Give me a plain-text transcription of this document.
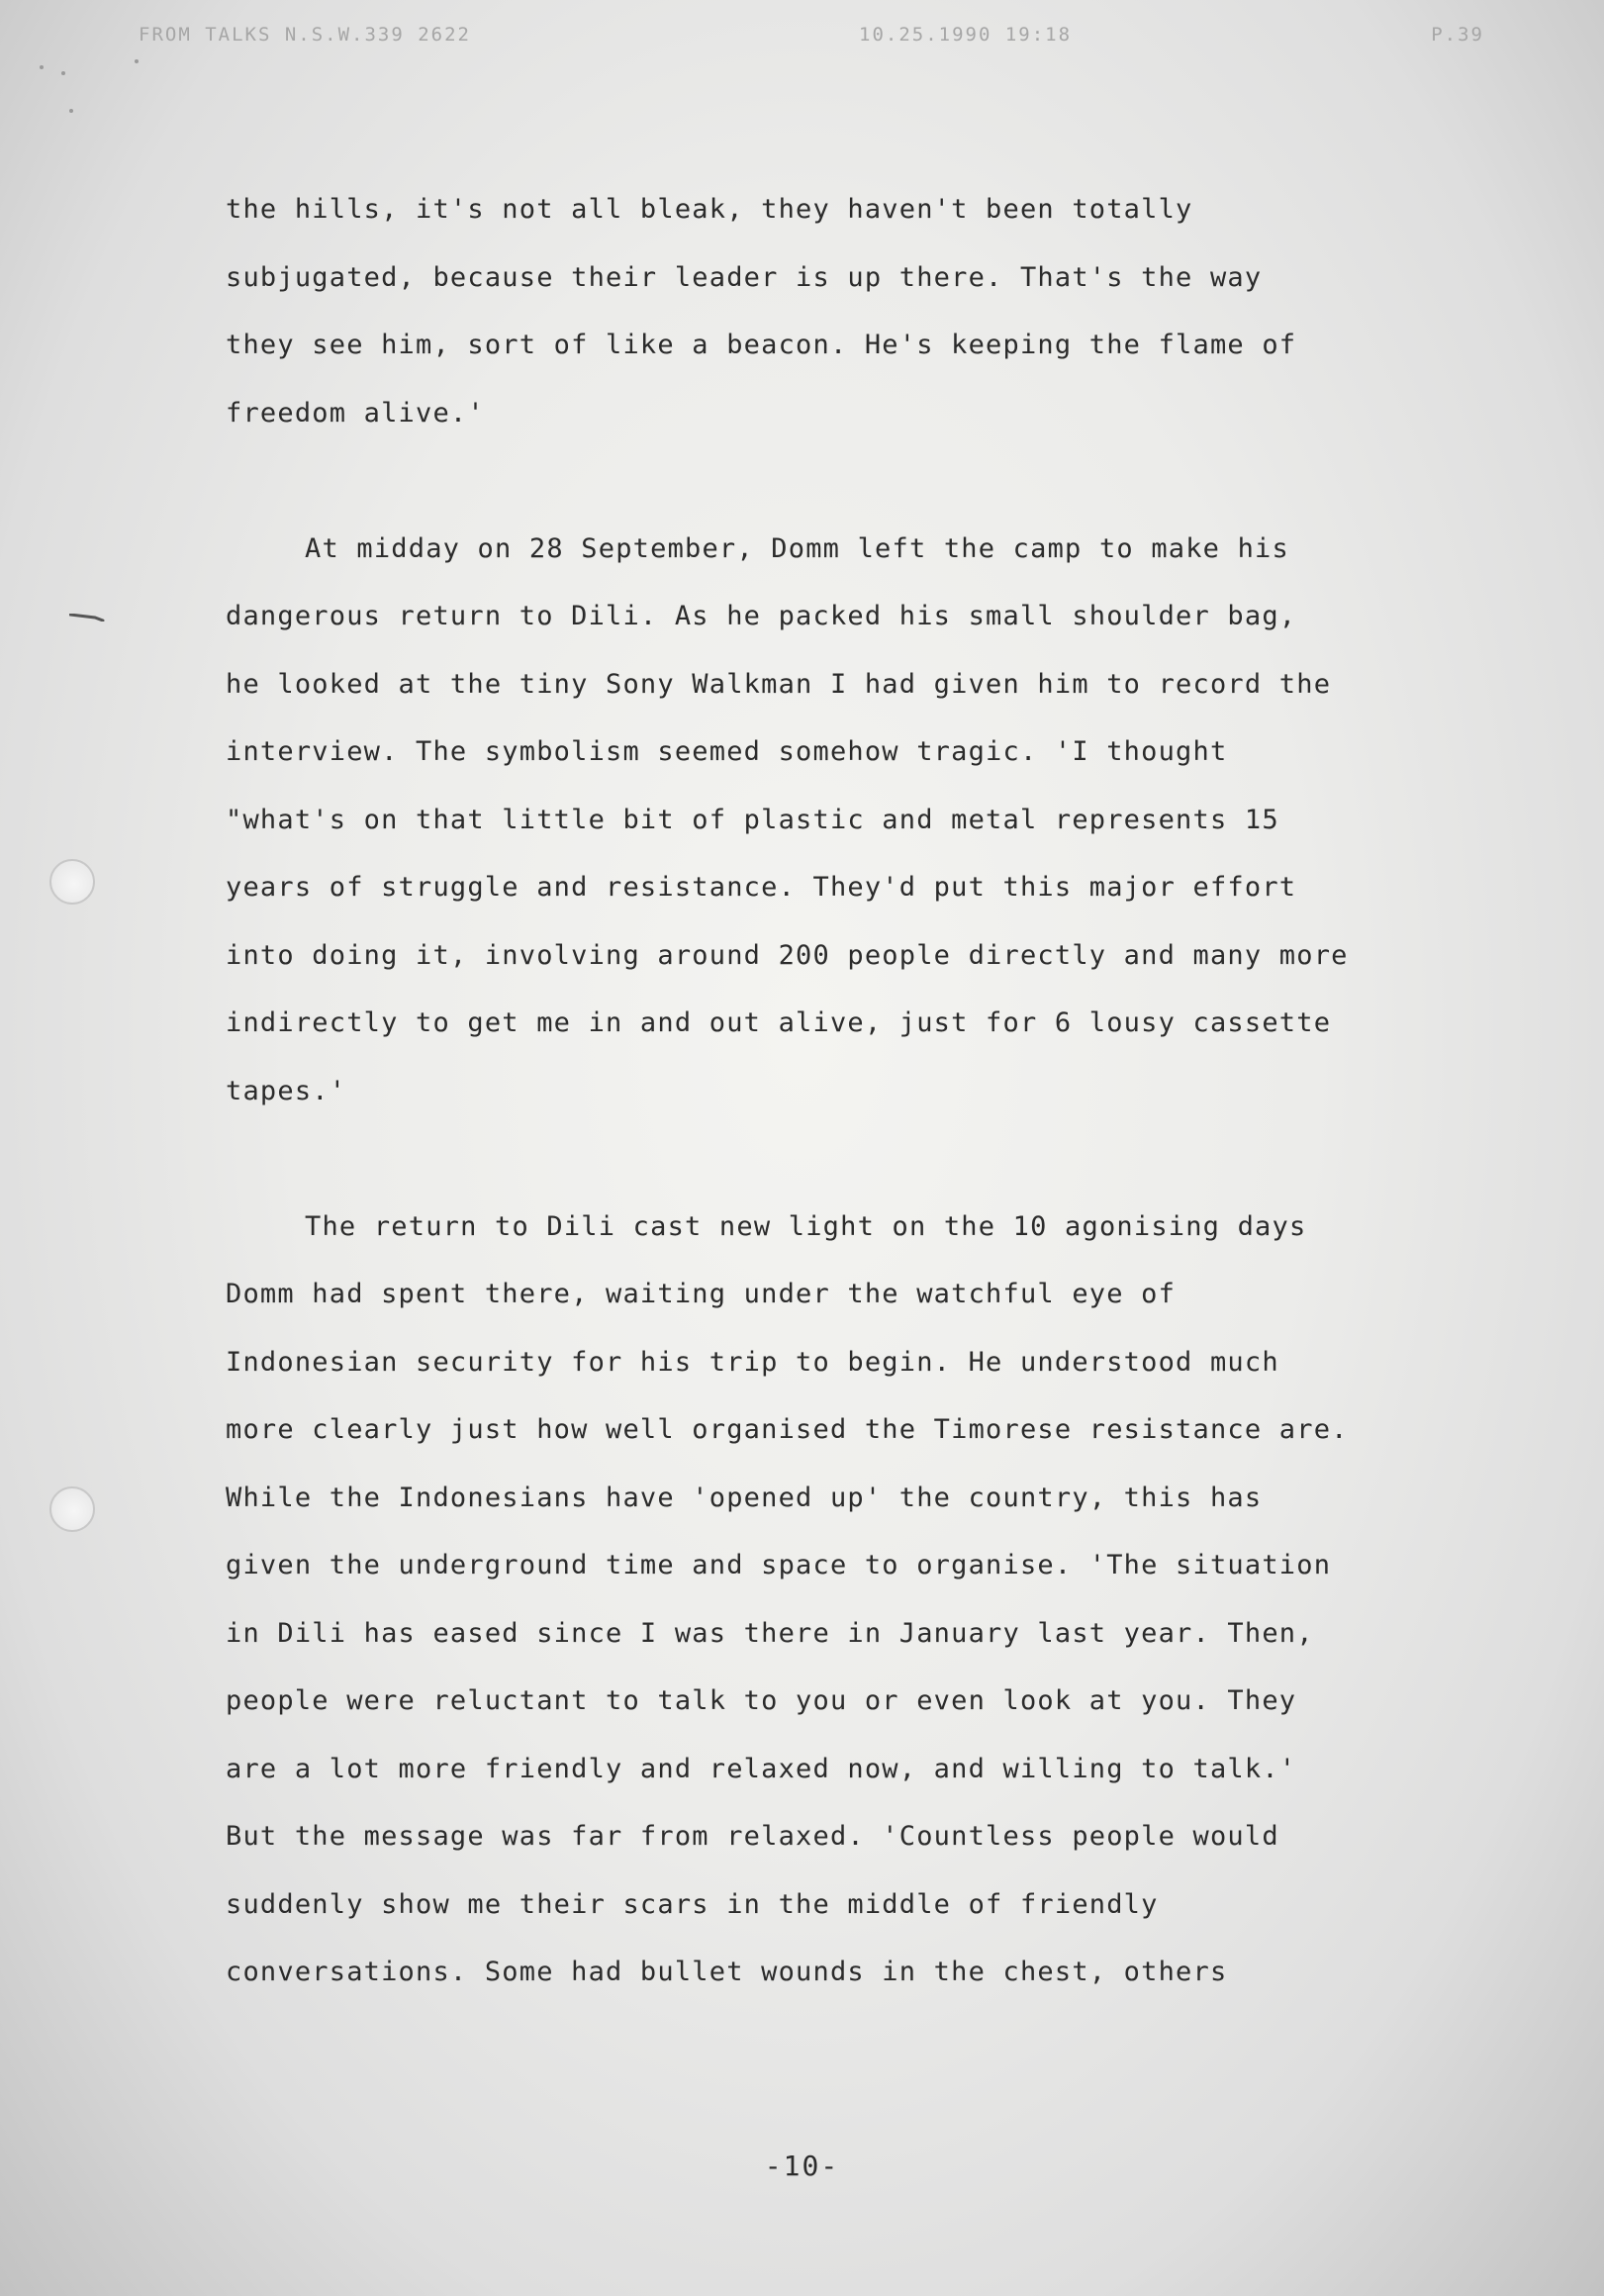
FROM TALKS N.S.W.339 2622	10.25.1990 19:18	P.39

the hills, it's not all bleak, they haven't been totally
subjugated, because their leader is up there. That's the way
they see him, sort of like a beacon. He's keeping the flame of
freedom alive.'

At midday on 28 September, Domm left the camp to make his
dangerous return to Dili. As he packed his small shoulder bag,
he looked at the tiny Sony Walkman I had given him to record the
interview. The symbolism seemed somehow tragic. 'I thought
"what's on that little bit of plastic and metal represents 15
years of struggle and resistance. They'd put this major effort
into doing it, involving around 200 people directly and many more
indirectly to get me in and out alive, just for 6 lousy cassette
tapes.'

The return to Dili cast new light on the 10 agonising days
Domm had spent there, waiting under the watchful eye of
Indonesian security for his trip to begin. He understood much
more clearly just how well organised the Timorese resistance are.
While the Indonesians have 'opened up' the country, this has
given the underground time and space to organise. 'The situation
in Dili has eased since I was there in January last year. Then,
people were reluctant to talk to you or even look at you. They
are a lot more friendly and relaxed now, and willing to talk.'
But the message was far from relaxed. 'Countless people would
suddenly show me their scars in the middle of friendly
conversations. Some had bullet wounds in the chest, others

-10-
